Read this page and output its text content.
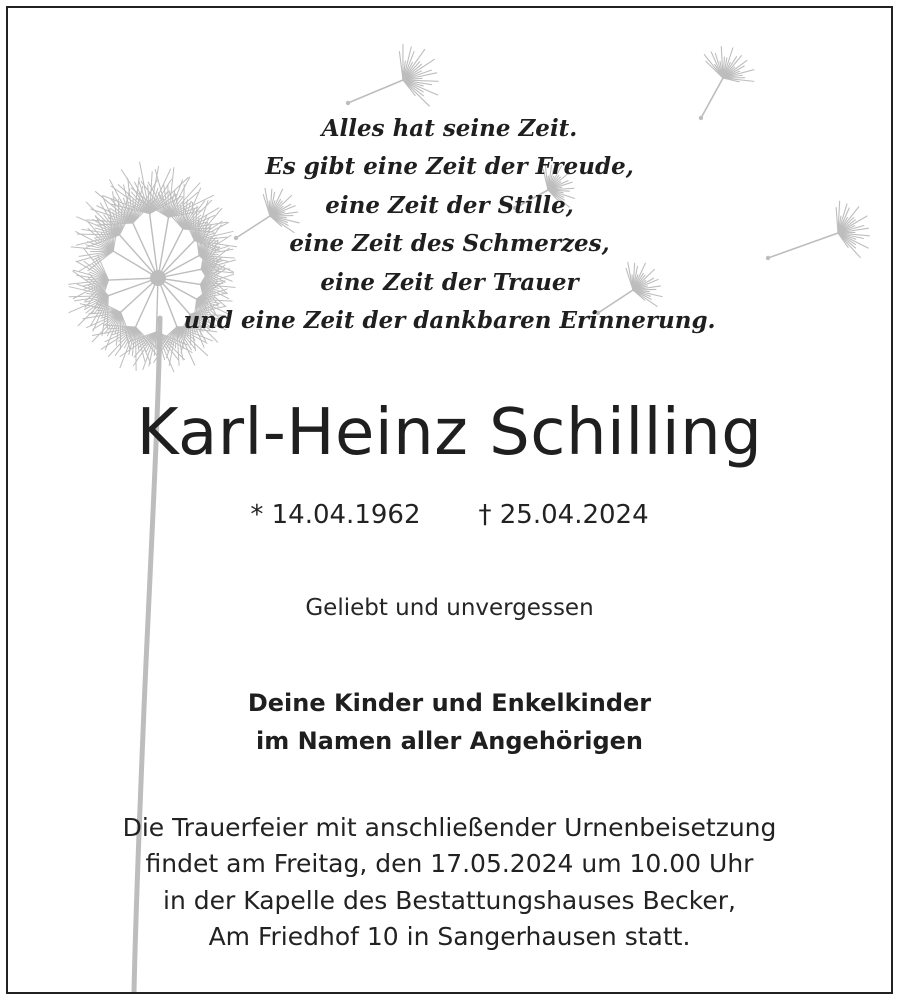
Alles hat seine Zeit.
Es gibt eine Zeit der Freude,
eine Zeit der Stille,
eine Zeit des Schmerzes,
eine Zeit der Trauer
und eine Zeit der dankbaren Erinnerung.
Karl-Heinz Schilling
* 14.04.1962 † 25.04.2024
Geliebt und unvergessen
Deine Kinder und Enkelkinder
im Namen aller Angehörigen
Die Trauerfeier mit anschließender Urnenbeisetzung
findet am Freitag, den 17.05.2024 um 10.00 Uhr
in der Kapelle des Bestattungshauses Becker,
Am Friedhof 10 in Sangerhausen statt.
